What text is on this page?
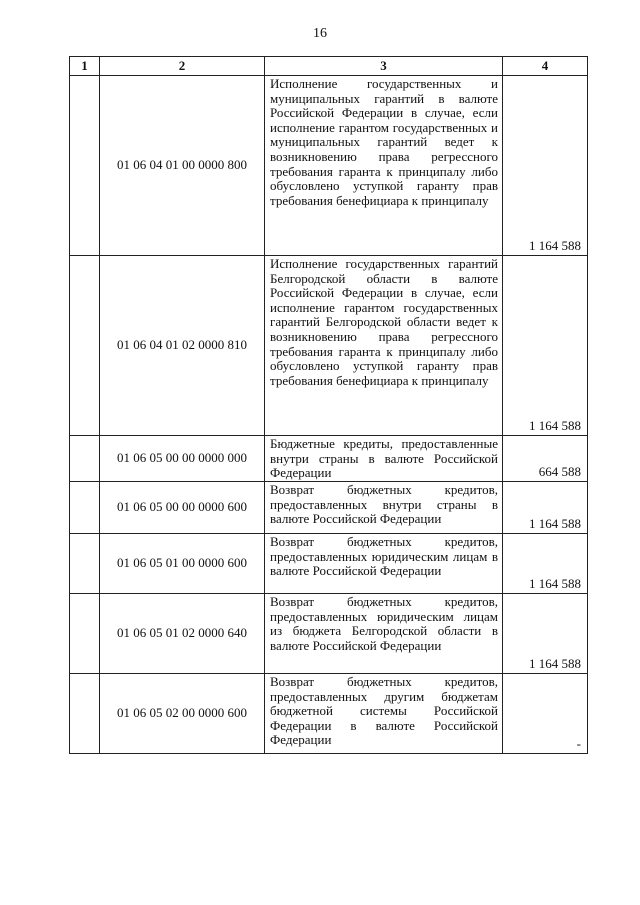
16
1	2	3	4
	01 06 04 01 00 0000 800	Исполнение государственных и муниципальных гарантий в валюте Российской Федерации в случае, если исполнение гарантом государственных и муниципальных гарантий ведет к возникновению права регрессного требования гаранта к принципалу либо обусловлено уступкой гаранту прав требования бенефициара к принципалу	1 164 588
	01 06 04 01 02 0000 810	Исполнение государственных гарантий Белгородской области в валюте Российской Федерации в случае, если исполнение гарантом государственных гарантий Белгородской области ведет к возникновению права регрессного требования гаранта к принципалу либо обусловлено уступкой гаранту прав требования бенефициара к принципалу	1 164 588
	01 06 05 00 00 0000 000	Бюджетные кредиты, предоставленные внутри страны в валюте Российской Федерации	664 588
	01 06 05 00 00 0000 600	Возврат бюджетных кредитов, предоставленных внутри страны в валюте Российской Федерации	1 164 588
	01 06 05 01 00 0000 600	Возврат бюджетных кредитов, предоставленных юридическим лицам в валюте Российской Федерации	1 164 588
	01 06 05 01 02 0000 640	Возврат бюджетных кредитов, предоставленных юридическим лицам из бюджета Белгородской области в валюте Российской Федерации	1 164 588
	01 06 05 02 00 0000 600	Возврат бюджетных кредитов, предоставленных другим бюджетам бюджетной системы Российской Федерации в валюте Российской Федерации	-
